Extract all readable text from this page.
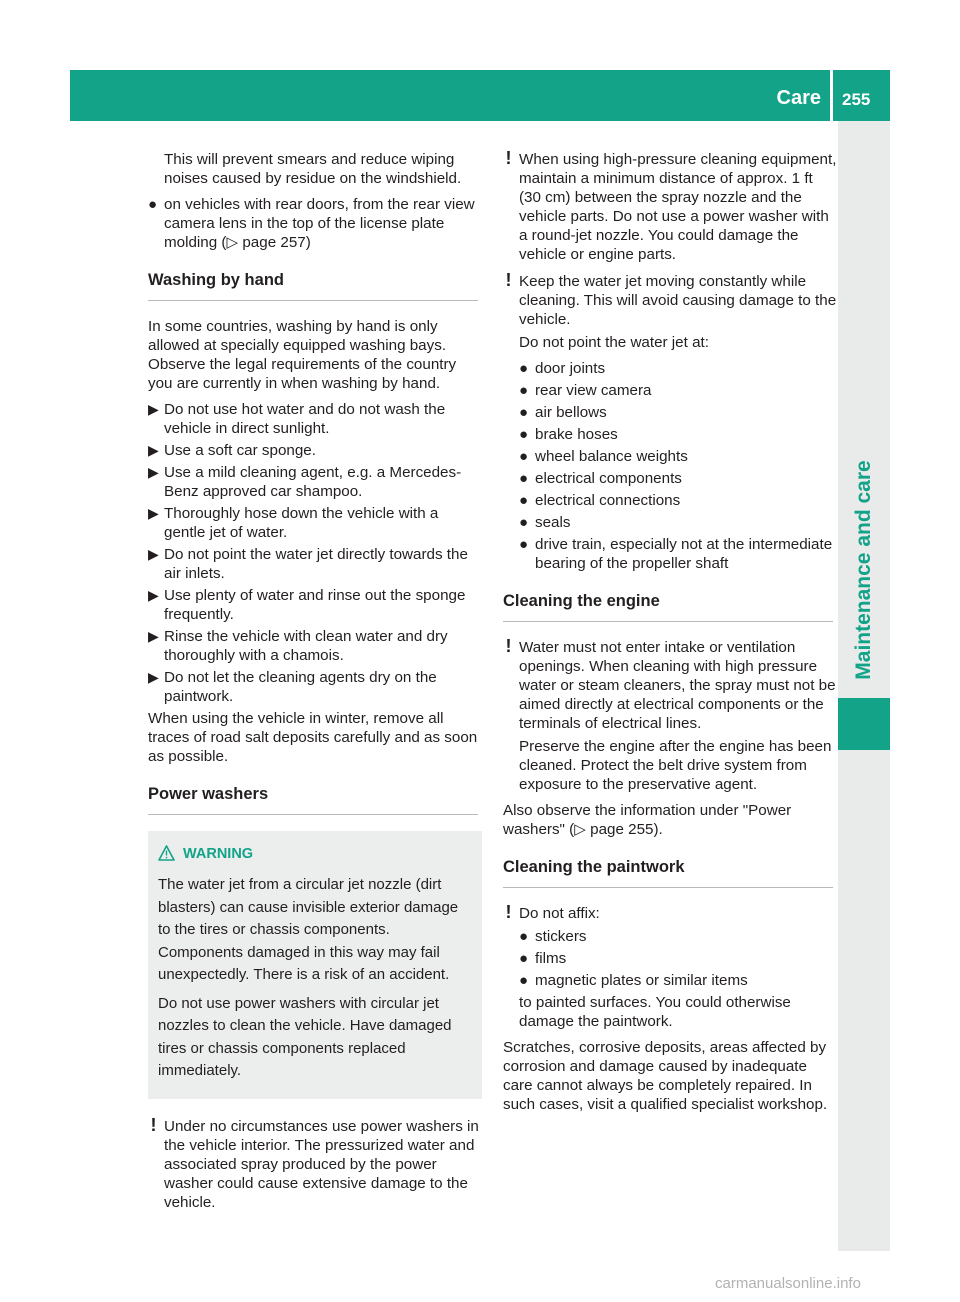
Care 255
Maintenance and care

This will prevent smears and reduce wiping noises caused by residue on the windshield.

● on vehicles with rear doors, from the rear view camera lens in the top of the license plate molding (▷ page 257)
Washing by hand

In some countries, washing by hand is only allowed at specially equipped washing bays. Observe the legal requirements of the country you are currently in when washing by hand.

▶ Do not use hot water and do not wash the vehicle in direct sunlight.
▶ Use a soft car sponge.
▶ Use a mild cleaning agent, e.g. a Mercedes-Benz approved car shampoo.
▶ Thoroughly hose down the vehicle with a gentle jet of water.
▶ Do not point the water jet directly towards the air inlets.
▶ Use plenty of water and rinse out the sponge frequently.
▶ Rinse the vehicle with clean water and dry thoroughly with a chamois.
▶ Do not let the cleaning agents dry on the paintwork.

When using the vehicle in winter, remove all traces of road salt deposits carefully and as soon as possible.

Power washers
WARNING

The water jet from a circular jet nozzle (dirt blasters) can cause invisible exterior damage to the tires or chassis components. Components damaged in this way may fail unexpectedly. There is a risk of an accident.

Do not use power washers with circular jet nozzles to clean the vehicle. Have damaged tires or chassis components replaced immediately.

! Under no circumstances use power washers in the vehicle interior. The pressurized water and associated spray produced by the power washer could cause extensive damage to the vehicle.
! When using high-pressure cleaning equipment, maintain a minimum distance of approx. 1 ft (30 cm) between the spray nozzle and the vehicle parts. Do not use a power washer with a round-jet nozzle. You could damage the vehicle or engine parts.
! Keep the water jet moving constantly while cleaning. This will avoid causing damage to the vehicle.

Do not point the water jet at:

● door joints
● rear view camera
● air bellows
● brake hoses
● wheel balance weights
● electrical components
● electrical connections
● seals
● drive train, especially not at the intermediate bearing of the propeller shaft
Cleaning the engine
! Water must not enter intake or ventilation openings. When cleaning with high pressure water or steam cleaners, the spray must not be aimed directly at electrical components or the terminals of electrical lines.

Preserve the engine after the engine has been cleaned. Protect the belt drive system from exposure to the preservative agent.

Also observe the information under "Power washers" (▷ page 255).

Cleaning the paintwork
! Do not affix:
● stickers
● films
● magnetic plates or similar items

to painted surfaces. You could otherwise damage the paintwork.

Scratches, corrosive deposits, areas affected by corrosion and damage caused by inadequate care cannot always be completely repaired. In such cases, visit a qualified specialist workshop.

carmanualsonline.info
